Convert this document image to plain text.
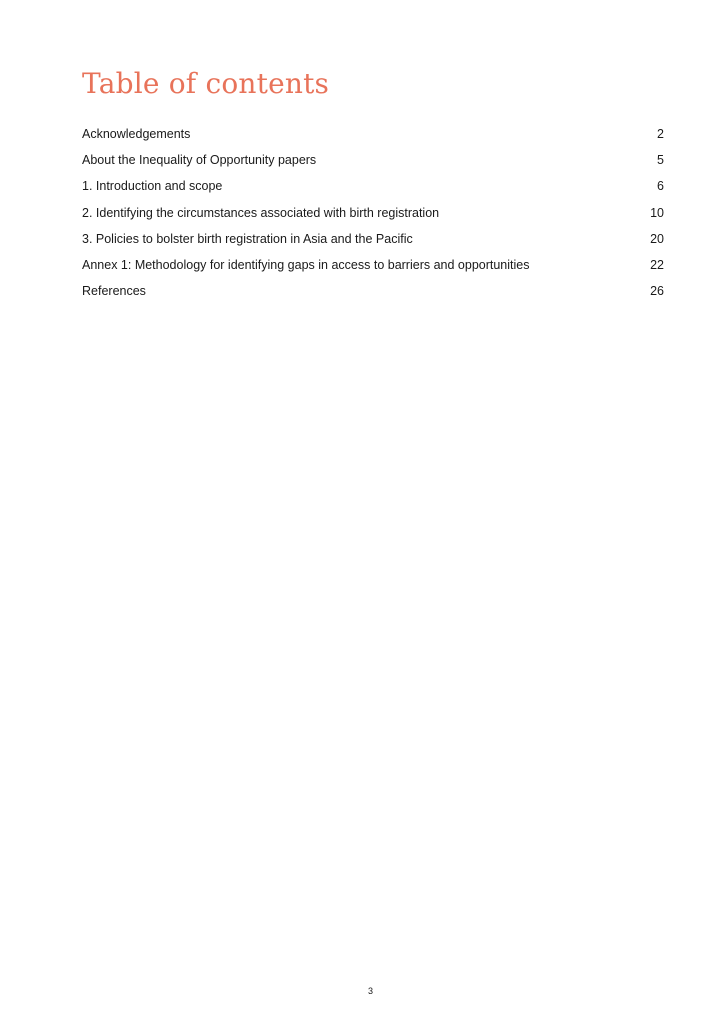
Table of contents
Acknowledgements	2
About the Inequality of Opportunity papers	5
1. Introduction and scope	6
2. Identifying the circumstances associated with birth registration	10
3. Policies to bolster birth registration in Asia and the Pacific	20
Annex 1: Methodology for identifying gaps in access to barriers and opportunities	22
References	26
3
